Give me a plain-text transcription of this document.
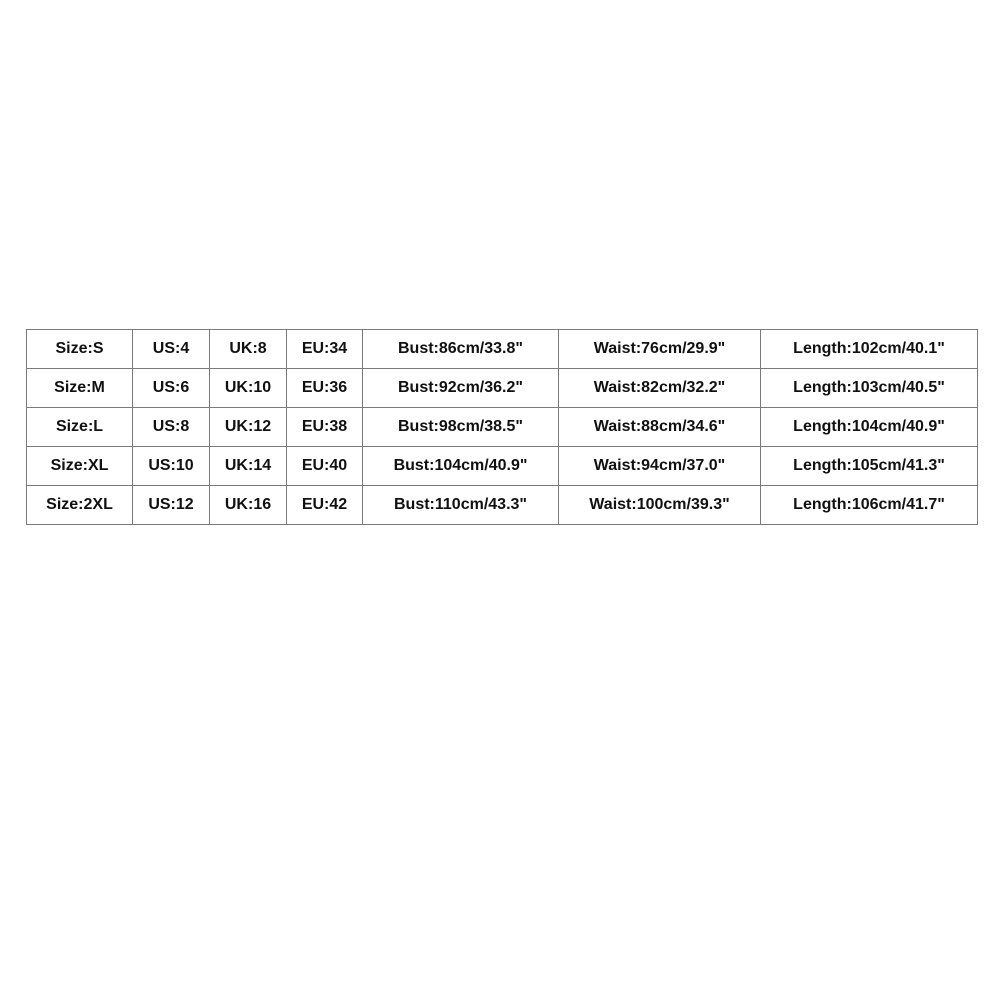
Size:S	US:4	UK:8	EU:34	Bust:86cm/33.8"	Waist:76cm/29.9"	Length:102cm/40.1"
Size:M	US:6	UK:10	EU:36	Bust:92cm/36.2"	Waist:82cm/32.2"	Length:103cm/40.5"
Size:L	US:8	UK:12	EU:38	Bust:98cm/38.5"	Waist:88cm/34.6"	Length:104cm/40.9"
Size:XL	US:10	UK:14	EU:40	Bust:104cm/40.9"	Waist:94cm/37.0"	Length:105cm/41.3"
Size:2XL	US:12	UK:16	EU:42	Bust:110cm/43.3"	Waist:100cm/39.3"	Length:106cm/41.7"
